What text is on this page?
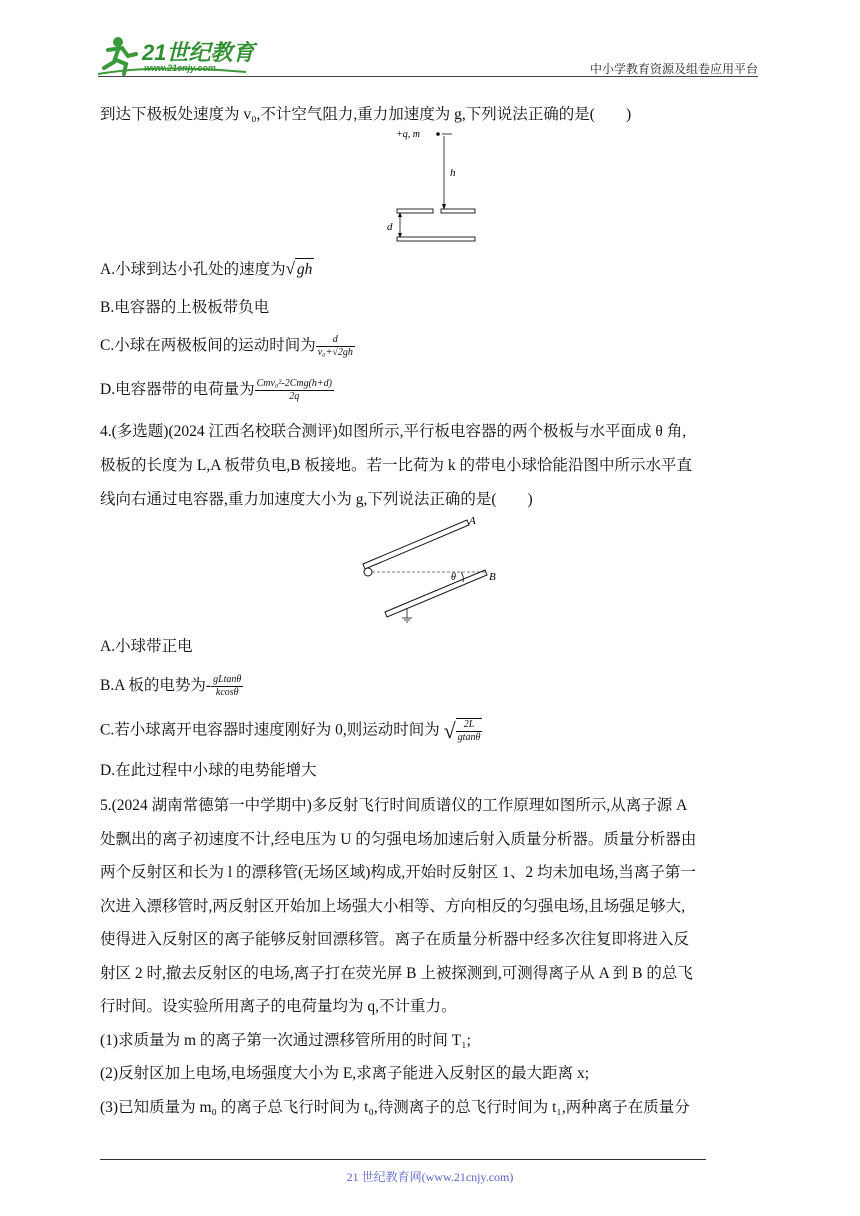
21世纪教育
www.21cnjy.com	中小学教育资源及组卷应用平台
到达下极板处速度为 v₀,不计空气阻力,重力加速度为 g,下列说法正确的是(　　)
+q, m
h
d
A.小球到达小孔处的速度为√ gh
B.电容器的上极板带负电
C.小球在两极板间的运动时间为 $\frac{d}{\text{v₀+√2gh}}$
D.电容器带的电荷量为 $\frac{\text{Cmv₀²-2Cmg(h+d)}}{2q}$
4.(多选题)(2024 江西名校联合测评)如图所示,平行板电容器的两个极板与水平面成 θ 角,
极板的长度为 L,A 板带负电,B 板接地。若一比荷为 k 的带电小球恰能沿图中所示水平直
线向右通过电容器,重力加速度大小为 g,下列说法正确的是(　　)
A
B
θ
A.小球带正电
B.A 板的电势为- $\frac{gLtan\theta}{kcos\theta}$
C.若小球离开电容器时速度刚好为 0,则运动时间为 √ $\frac{2L}{gtan\theta}$
D.在此过程中小球的电势能增大
5.(2024 湖南常德第一中学期中)多反射飞行时间质谱仪的工作原理如图所示,从离子源 A
处飘出的离子初速度不计,经电压为 U 的匀强电场加速后射入质量分析器。质量分析器由
两个反射区和长为 l 的漂移管(无场区域)构成,开始时反射区 1、2 均未加电场,当离子第一
次进入漂移管时,两反射区开始加上场强大小相等、方向相反的匀强电场,且场强足够大,
使得进入反射区的离子能够反射回漂移管。离子在质量分析器中经多次往复即将进入反
射区 2 时,撤去反射区的电场,离子打在荧光屏 B 上被探测到,可测得离子从 A 到 B 的总飞
行时间。设实验所用离子的电荷量均为 q,不计重力。
(1)求质量为 m 的离子第一次通过漂移管所用的时间 T₁;
(2)反射区加上电场,电场强度大小为 E,求离子能进入反射区的最大距离 x;
(3)已知质量为 m₀ 的离子总飞行时间为 t₀,待测离子的总飞行时间为 t₁,两种离子在质量分
21 世纪教育网(www.21cnjy.com)
